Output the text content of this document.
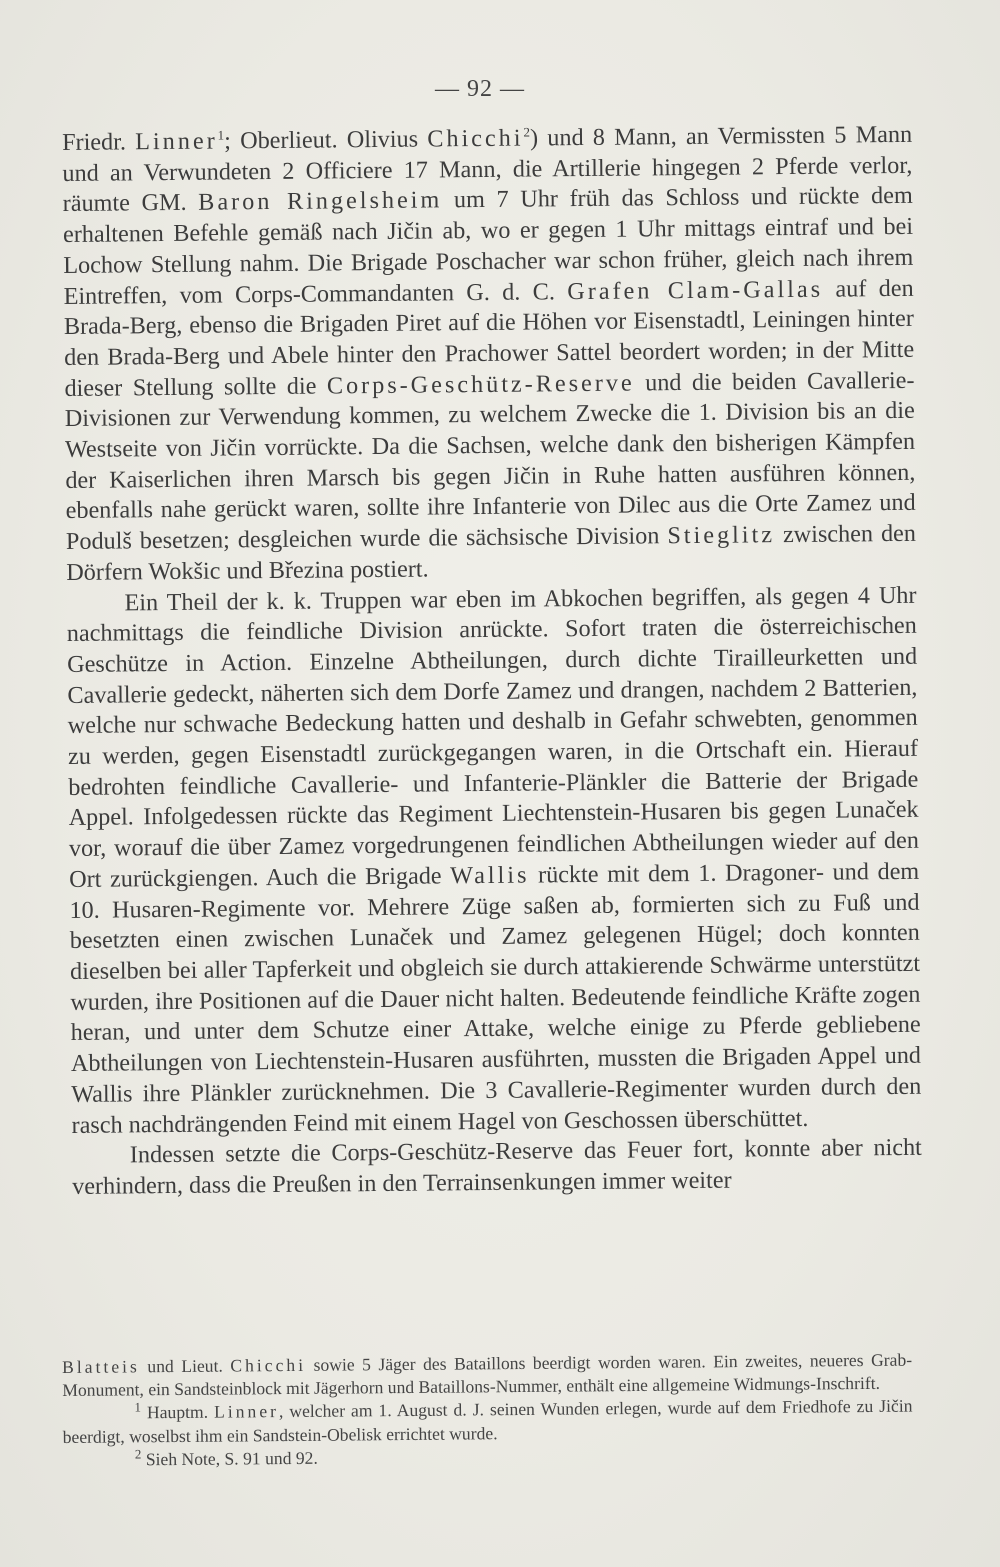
— 92 —

Friedr. Linner$^1$; Oberlieut. Olivius Chicchi$^2$) und 8 Mann, an Vermissten 5 Mann und an Verwundeten 2 Officiere 17 Mann, die Artillerie hingegen 2 Pferde verlor, räumte GM. Baron Ringelsheim um 7 Uhr früh das Schloss und rückte dem erhaltenen Befehle gemäß nach Jičin ab, wo er gegen 1 Uhr mittags eintraf und bei Lochow Stellung nahm. Die Brigade Poschacher war schon früher, gleich nach ihrem Eintreffen, vom Corps-Commandanten G. d. C. Grafen Clam-Gallas auf den Brada-Berg, ebenso die Brigaden Piret auf die Höhen vor Eisenstadtl, Leiningen hinter den Brada-Berg und Abele hinter den Prachower Sattel beordert worden; in der Mitte dieser Stellung sollte die Corps-Geschütz-Reserve und die beiden Cavallerie-Divisionen zur Verwendung kommen, zu welchem Zwecke die 1. Division bis an die Westseite von Jičin vorrückte. Da die Sachsen, welche dank den bisherigen Kämpfen der Kaiserlichen ihren Marsch bis gegen Jičin in Ruhe hatten ausführen können, ebenfalls nahe gerückt waren, sollte ihre Infanterie von Dilec aus die Orte Zamez und Podulš besetzen; desgleichen wurde die sächsische Division Stieglitz zwischen den Dörfern Wokšic und Březina postiert.

Ein Theil der k. k. Truppen war eben im Abkochen begriffen, als gegen 4 Uhr nachmittags die feindliche Division anrückte. Sofort traten die österreichischen Geschütze in Action. Einzelne Abtheilungen, durch dichte Tirailleurketten und Cavallerie gedeckt, näherten sich dem Dorfe Zamez und drangen, nachdem 2 Batterien, welche nur schwache Bedeckung hatten und deshalb in Gefahr schwebten, genommen zu werden, gegen Eisenstadtl zurückgegangen waren, in die Ortschaft ein. Hierauf bedrohten feindliche Cavallerie- und Infanterie-Plänkler die Batterie der Brigade Appel. Infolgedessen rückte das Regiment Liechtenstein-Husaren bis gegen Lunaček vor, worauf die über Zamez vorgedrungenen feindlichen Abtheilungen wieder auf den Ort zurückgiengen. Auch die Brigade Wallis rückte mit dem 1. Dragoner- und dem 10. Husaren-Regimente vor. Mehrere Züge saßen ab, formierten sich zu Fuß und besetzten einen zwischen Lunaček und Zamez gelegenen Hügel; doch konnten dieselben bei aller Tapferkeit und obgleich sie durch attakierende Schwärme unterstützt wurden, ihre Positionen auf die Dauer nicht halten. Bedeutende feindliche Kräfte zogen heran, und unter dem Schutze einer Attake, welche einige zu Pferde gebliebene Abtheilungen von Liechtenstein-Husaren ausführten, mussten die Brigaden Appel und Wallis ihre Plänkler zurücknehmen. Die 3 Cavallerie-Regimenter wurden durch den rasch nachdrängenden Feind mit einem Hagel von Geschossen überschüttet.

Indessen setzte die Corps-Geschütz-Reserve das Feuer fort, konnte aber nicht verhindern, dass die Preußen in den Terrainsenkungen immer weiter

Blatteis und Lieut. Chicchi sowie 5 Jäger des Bataillons beerdigt worden waren. Ein zweites, neueres Grab-Monument, ein Sandsteinblock mit Jägerhorn und Bataillons-Nummer, enthält eine allgemeine Widmungs-Inschrift.

$^1$ Hauptm. Linner, welcher am 1. August d. J. seinen Wunden erlegen, wurde auf dem Friedhofe zu Jičin beerdigt, woselbst ihm ein Sandstein-Obelisk errichtet wurde.

$^2$ Sieh Note, S. 91 und 92.
